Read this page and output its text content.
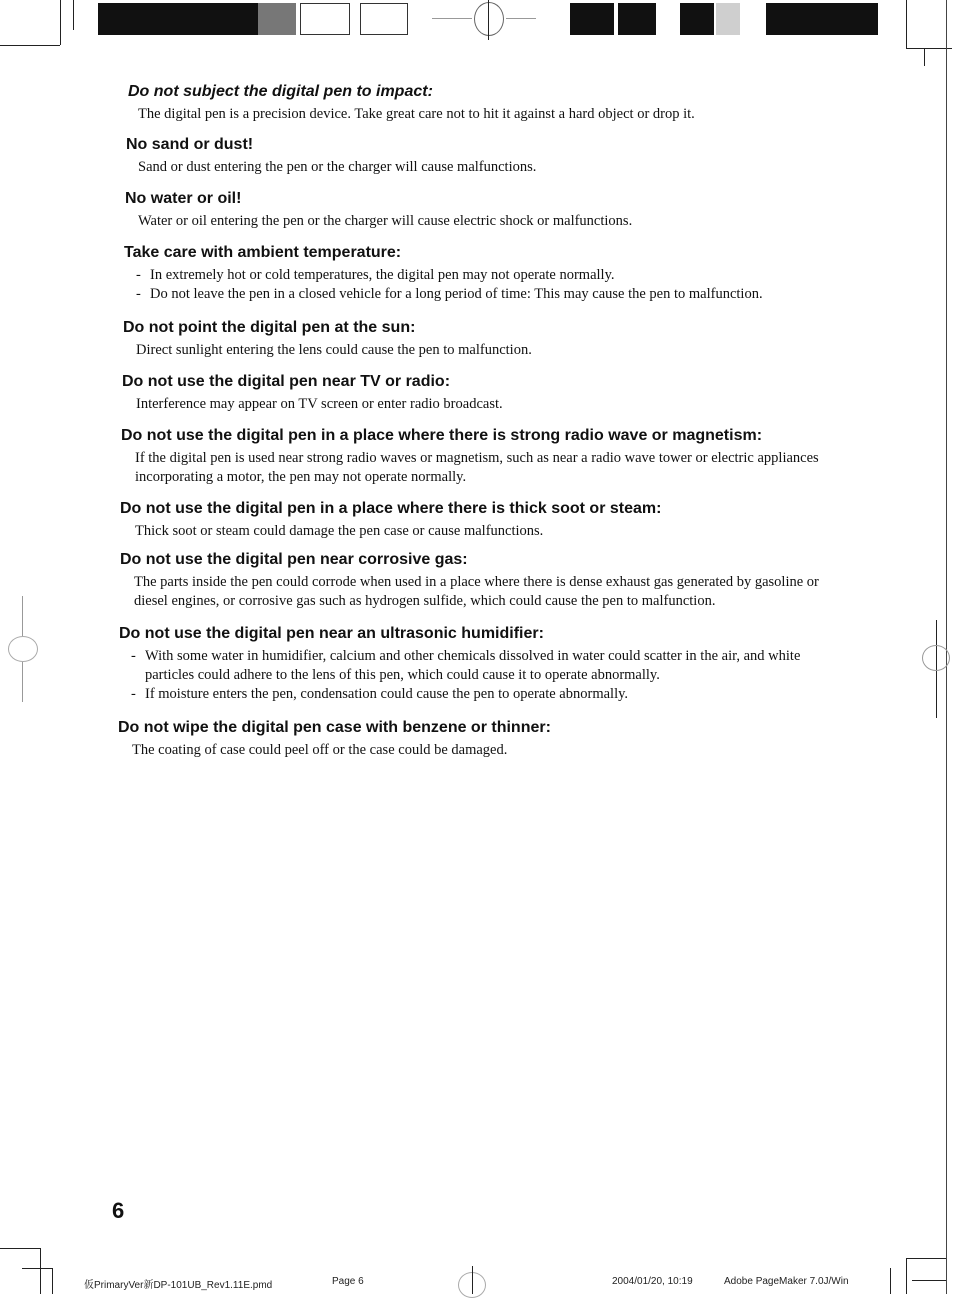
Do not subject the digital pen to impact:

The digital pen is a precision device. Take great care not to hit it against a hard object or drop it.

No sand or dust!

Sand or dust entering the pen or the charger will cause malfunctions.

No water or oil!

Water or oil entering the pen or the charger will cause electric shock or malfunctions.

Take care with ambient temperature:

- In extremely hot or cold temperatures, the digital pen may not operate normally.
- Do not leave the pen in a closed vehicle for a long period of time: This may cause the pen to malfunction.

Do not point the digital pen at the sun:

Direct sunlight entering the lens could cause the pen to malfunction.

Do not use the digital pen near TV or radio:

Interference may appear on TV screen or enter radio broadcast.

Do not use the digital pen in a place where there is strong radio wave or magnetism:

If the digital pen is used near strong radio waves or magnetism, such as near a radio wave tower or electric appliances incorporating a motor, the pen may not operate normally.

Do not use the digital pen in a place where there is thick soot or steam:

Thick soot or steam could damage the pen case or cause malfunctions.

Do not use the digital pen near corrosive gas:

The parts inside the pen could corrode when used in a place where there is dense exhaust gas generated by gasoline or diesel engines, or corrosive gas such as hydrogen sulfide, which could cause the pen to malfunction.

Do not use the digital pen near an ultrasonic humidifier:

- With some water in humidifier, calcium and other chemicals dissolved in water could scatter in the air, and white particles could adhere to the lens of this pen, which could cause it to operate abnormally.
- If moisture enters the pen, condensation could cause the pen to operate abnormally.

Do not wipe the digital pen case with benzene or thinner:

The coating of case could peel off or the case could be damaged.

6
仮PrimaryVer新DP-101UB_Rev1.11E.pmd	Page 6	2004/01/20, 10:19	Adobe PageMaker 7.0J/Win
